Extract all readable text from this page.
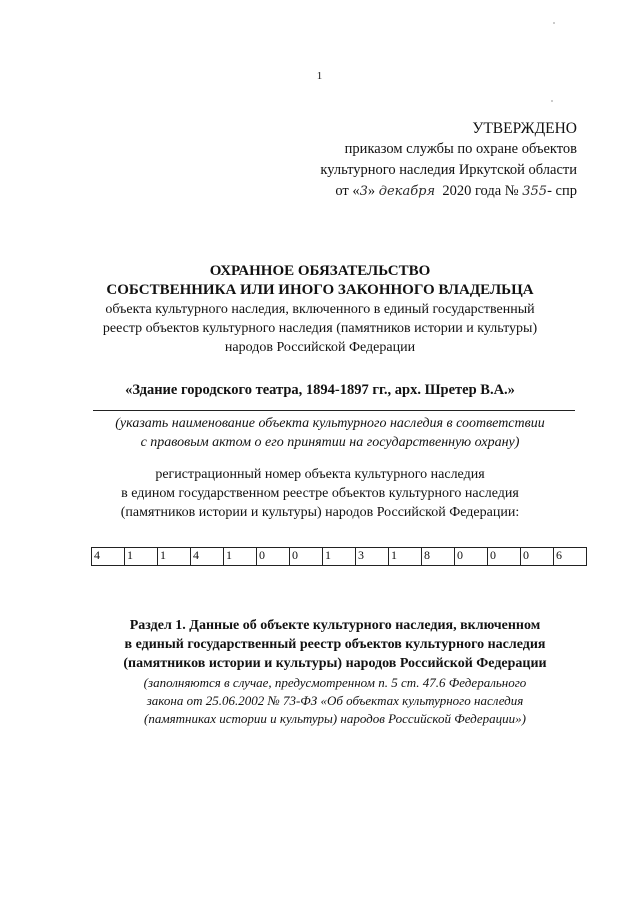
1
УТВЕРЖДЕНО
приказом службы по охране объектов
культурного наследия Иркутской области
от «3» декабря 2020 года № 355- спр
ОХРАННОЕ ОБЯЗАТЕЛЬСТВО
СОБСТВЕННИКА ИЛИ ИНОГО ЗАКОННОГО ВЛАДЕЛЬЦА
объекта культурного наследия, включенного в единый государственный
реестр объектов культурного наследия (памятников истории и культуры)
народов Российской Федерации
«Здание городского театра, 1894-1897 гг., арх. Шретер В.А.»
(указать наименование объекта культурного наследия в соответствии
с правовым актом о его принятии на государственную охрану)
регистрационный номер объекта культурного наследия
в едином государственном реестре объектов культурного наследия
(памятников истории и культуры) народов Российской Федерации:
4	1	1	4	1	0	0	1	3	1	8	0	0	0	6
Раздел 1. Данные об объекте культурного наследия, включенном
в единый государственный реестр объектов культурного наследия
(памятников истории и культуры) народов Российской Федерации
(заполняются в случае, предусмотренном п. 5 ст. 47.6 Федерального
закона от 25.06.2002 № 73-ФЗ «Об объектах культурного наследия
(памятниках истории и культуры) народов Российской Федерации»)
